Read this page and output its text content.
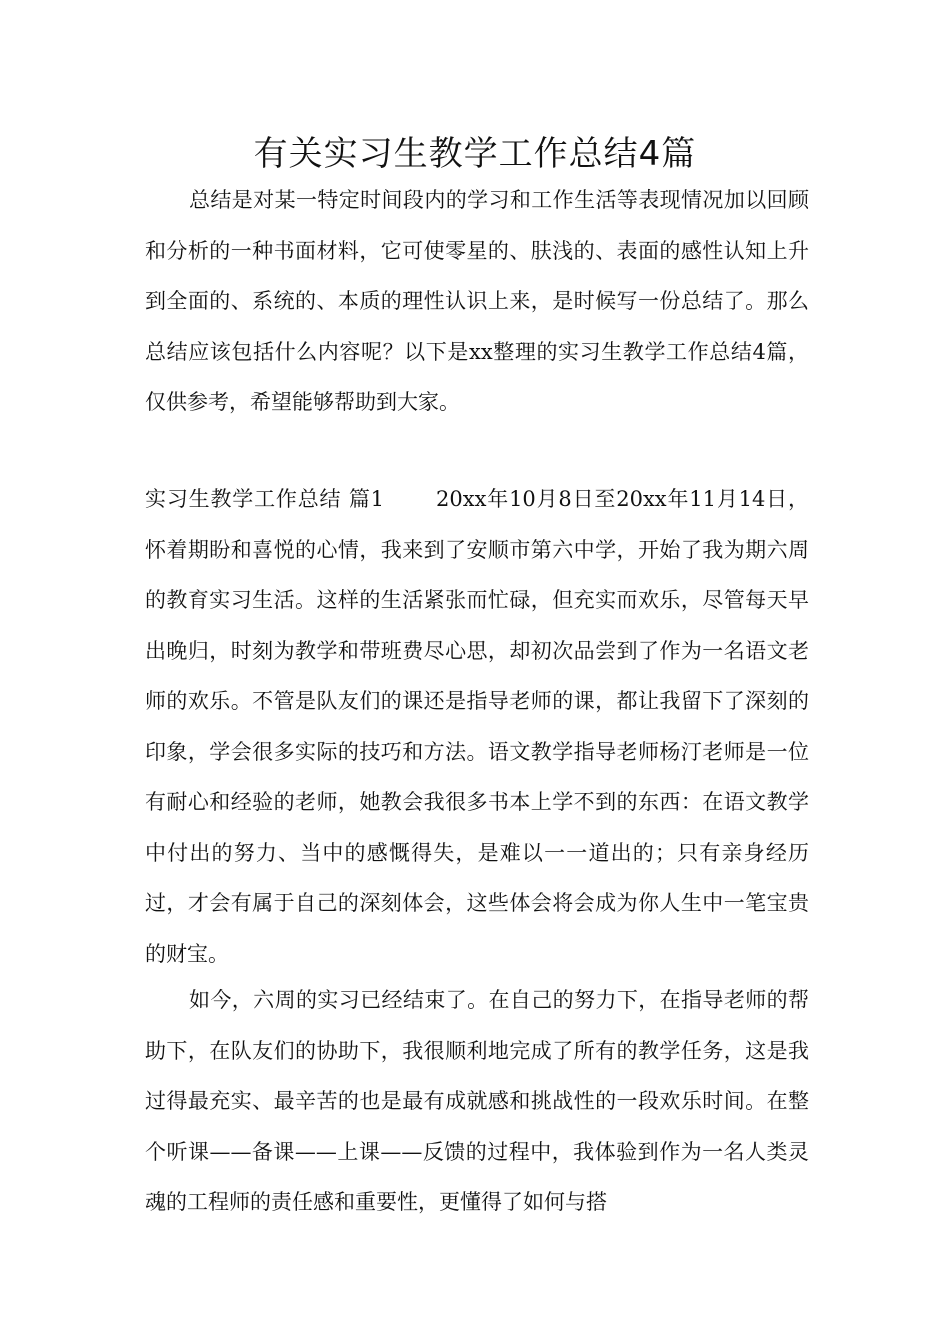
有关实习生教学工作总结4篇

总结是对某一特定时间段内的学习和工作生活等表现情况加以回顾和分析的一种书面材料，它可使零星的、肤浅的、表面的感性认知上升到全面的、系统的、本质的理性认识上来，是时候写一份总结了。那么总结应该包括什么内容呢？以下是xx整理的实习生教学工作总结4篇，仅供参考，希望能够帮助到大家。

实习生教学工作总结 篇1 20xx年10月8日至20xx年11月14日，怀着期盼和喜悦的心情，我来到了安顺市第六中学，开始了我为期六周的教育实习生活。这样的生活紧张而忙碌，但充实而欢乐，尽管每天早出晚归，时刻为教学和带班费尽心思，却初次品尝到了作为一名语文老师的欢乐。不管是队友们的课还是指导老师的课，都让我留下了深刻的印象，学会很多实际的技巧和方法。语文教学指导老师杨汀老师是一位有耐心和经验的老师，她教会我很多书本上学不到的东西：在语文教学中付出的努力、当中的感慨得失，是难以一一道出的；只有亲身经历过，才会有属于自己的深刻体会，这些体会将会成为你人生中一笔宝贵的财宝。

如今，六周的实习已经结束了。在自己的努力下，在指导老师的帮助下，在队友们的协助下，我很顺利地完成了所有的教学任务，这是我过得最充实、最辛苦的也是最有成就感和挑战性的一段欢乐时间。在整个听课——备课——上课——反馈的过程中，我体验到作为一名人类灵魂的工程师的责任感和重要性，更懂得了如何与搭
